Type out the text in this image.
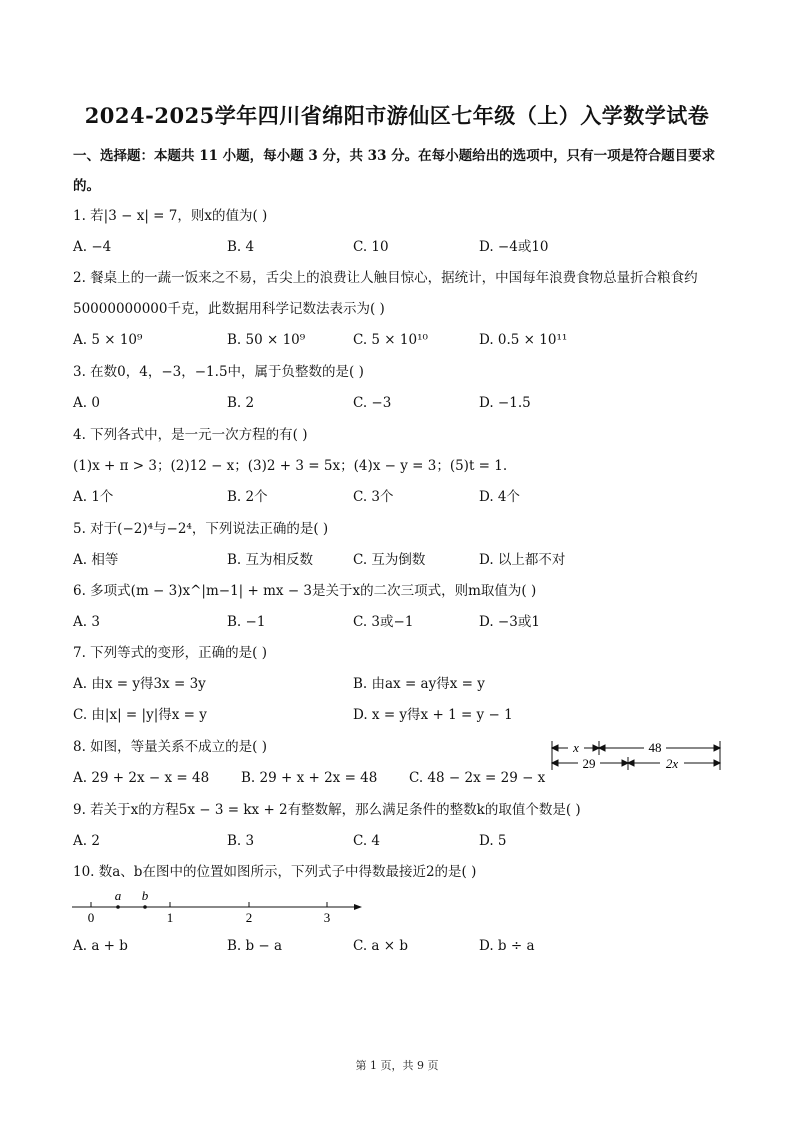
2024-2025学年四川省绵阳市游仙区七年级（上）入学数学试卷
一、选择题：本题共 11 小题，每小题 3 分，共 33 分。在每小题给出的选项中，只有一项是符合题目要求
的。
1. 若|3 − x| = 7，则x的值为( )
A. −4	B. 4	C. 10	D. −4或10
2. 餐桌上的一蔬一饭来之不易，舌尖上的浪费让人触目惊心，据统计，中国每年浪费食物总量折合粮食约
50000000000千克，此数据用科学记数法表示为( )
A. 5 × 10⁹	B. 50 × 10⁹	C. 5 × 10¹⁰	D. 0.5 × 10¹¹
3. 在数0，4，−3，−1.5中，属于负整数的是( )
A. 0	B. 2	C. −3	D. −1.5
4. 下列各式中，是一元一次方程的有( )
(1)x + π > 3；(2)12 − x；(3)2 + 3 = 5x；(4)x − y = 3；(5)t = 1.
A. 1个	B. 2个	C. 3个	D. 4个
5. 对于(−2)⁴与−2⁴，下列说法正确的是( )
A. 相等	B. 互为相反数	C. 互为倒数	D. 以上都不对
6. 多项式(m − 3)x^|m−1| + mx − 3是关于x的二次三项式，则m取值为( )
A. 3	B. −1	C. 3或−1	D. −3或1
7. 下列等式的变形，正确的是( )
A. 由x = y得3x = 3y	B. 由ax = ay得x = y
C. 由|x| = |y|得x = y	D. x = y得x + 1 = y − 1
8. 如图，等量关系不成立的是( )
A. 29 + 2x − x = 48 B. 29 + x + 2x = 48 C. 48 − 2x = 29 − x
x	48
29	2x
9. 若关于x的方程5x − 3 = kx + 2有整数解，那么满足条件的整数k的取值个数是( )
A. 2	B. 3	C. 4	D. 5
10. 数a、b在图中的位置如图所示，下列式子中得数最接近2的是( )
a b
0	1	2	3
A. a + b	B. b − a	C. a × b	D. b ÷ a
第 1 页，共 9 页
